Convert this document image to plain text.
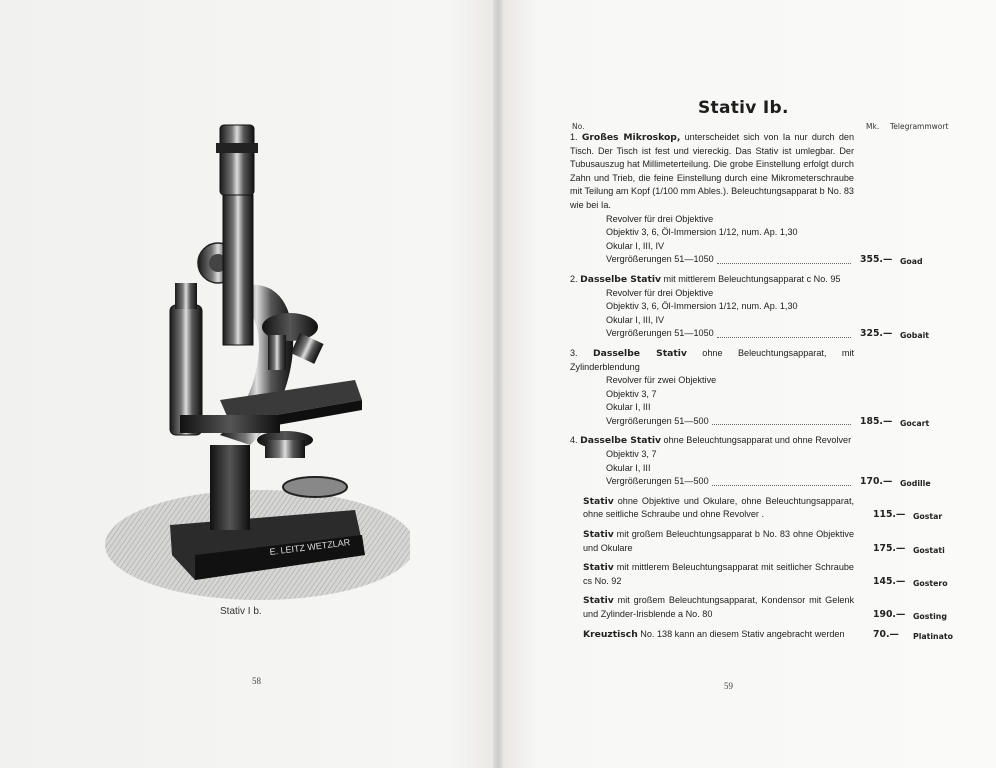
E. LEITZ WETZLAR
Stativ I b.
58
Stativ Ib.
No.	Mk. Telegrammwort
1. Großes Mikroskop, unterscheidet sich von Ia nur durch den Tisch. Der Tisch ist fest und viereckig. Das Stativ ist umlegbar. Der Tubusauszug hat Millimeterteilung. Die grobe Einstellung erfolgt durch Zahn und Trieb, die feine Einstellung durch eine Mikrometerschraube mit Teilung am Kopf (1/100 mm Ables.). Beleuchtungsapparat b No. 83 wie bei Ia.
Revolver für drei Objektive
Objektiv 3, 6, Öl-Immersion 1/12, num. Ap. 1,30
Okular I, III, IV
Vergrößerungen 51—1050	355.— Goad
2. Dasselbe Stativ mit mittlerem Beleuchtungsapparat c No. 95
Revolver für drei Objektive
Objektiv 3, 6, Öl-Immersion 1/12, num. Ap. 1,30
Okular I, III, IV
Vergrößerungen 51—1050	325.— Gobait
3. Dasselbe Stativ ohne Beleuchtungsapparat, mit Zylinderblendung
Revolver für zwei Objektive
Objektiv 3, 7
Okular I, III
Vergrößerungen 51—500	185.— Gocart
4. Dasselbe Stativ ohne Beleuchtungsapparat und ohne Revolver
Objektiv 3, 7
Okular I, III
Vergrößerungen 51—500	170.— Godille
Stativ ohne Objektive und Okulare, ohne Beleuchtungsapparat, ohne seitliche Schraube und ohne Revolver .	115.— Gostar
Stativ mit großem Beleuchtungsapparat b No. 83 ohne Objektive und Okulare	175.— Gostati
Stativ mit mittlerem Beleuchtungsapparat mit seitlicher Schraube cs No. 92	145.— Gostero
Stativ mit großem Beleuchtungsapparat, Kondensor mit Gelenk und Zylinder-Irisblende a No. 80	190.— Gosting
Kreuztisch No. 138 kann an diesem Stativ angebracht werden	70.— Platinato
59
